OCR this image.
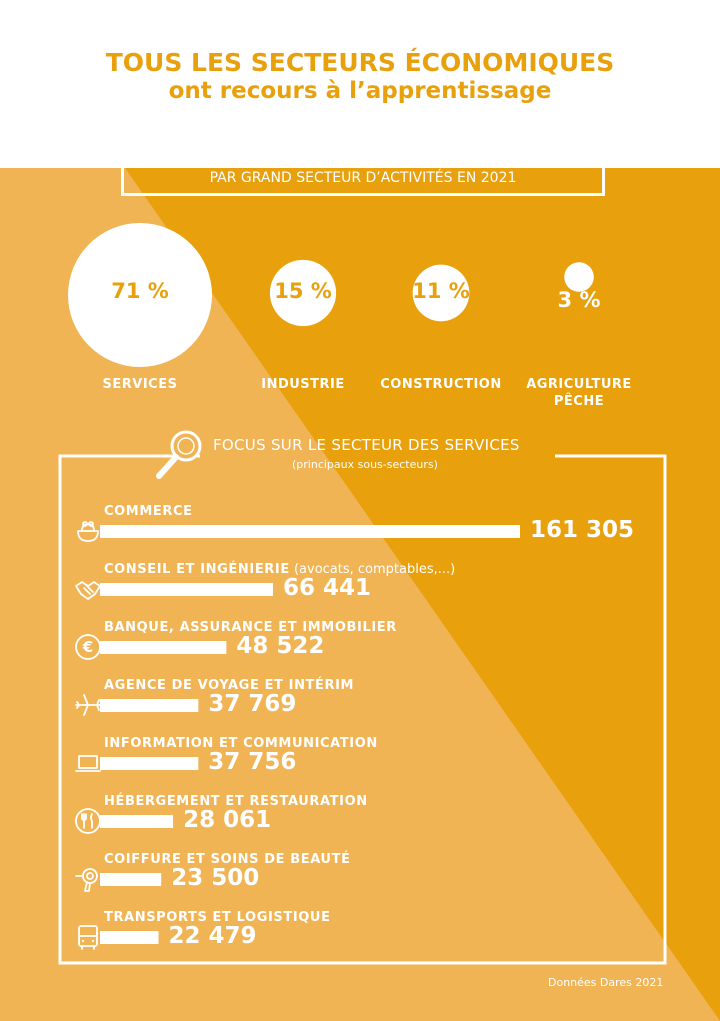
TOUS LES SECTEURS ÉCONOMIQUES
ont recours à l’apprentissage
LA RÉPARTITION DES CONTRATS
PAR GRAND SECTEUR D’ACTIVITÉS EN 2021
71 %
SERVICES
15 %
INDUSTRIE
11 %
CONSTRUCTION
3 %
AGRICULTURE PÊCHE
FOCUS SUR LE SECTEUR DES SERVICES
(principaux sous-secteurs)
COMMERCE
161 305
CONSEIL ET INGÉNIERIE (avocats, comptables,...)
66 441
BANQUE, ASSURANCE ET IMMOBILIER
48 522
€
AGENCE DE VOYAGE ET INTÉRIM
37 769
INFORMATION ET COMMUNICATION
37 756
HÉBERGEMENT ET RESTAURATION
28 061
COIFFURE ET SOINS DE BEAUTÉ
23 500
TRANSPORTS ET LOGISTIQUE
22 479
Données Dares 2021
